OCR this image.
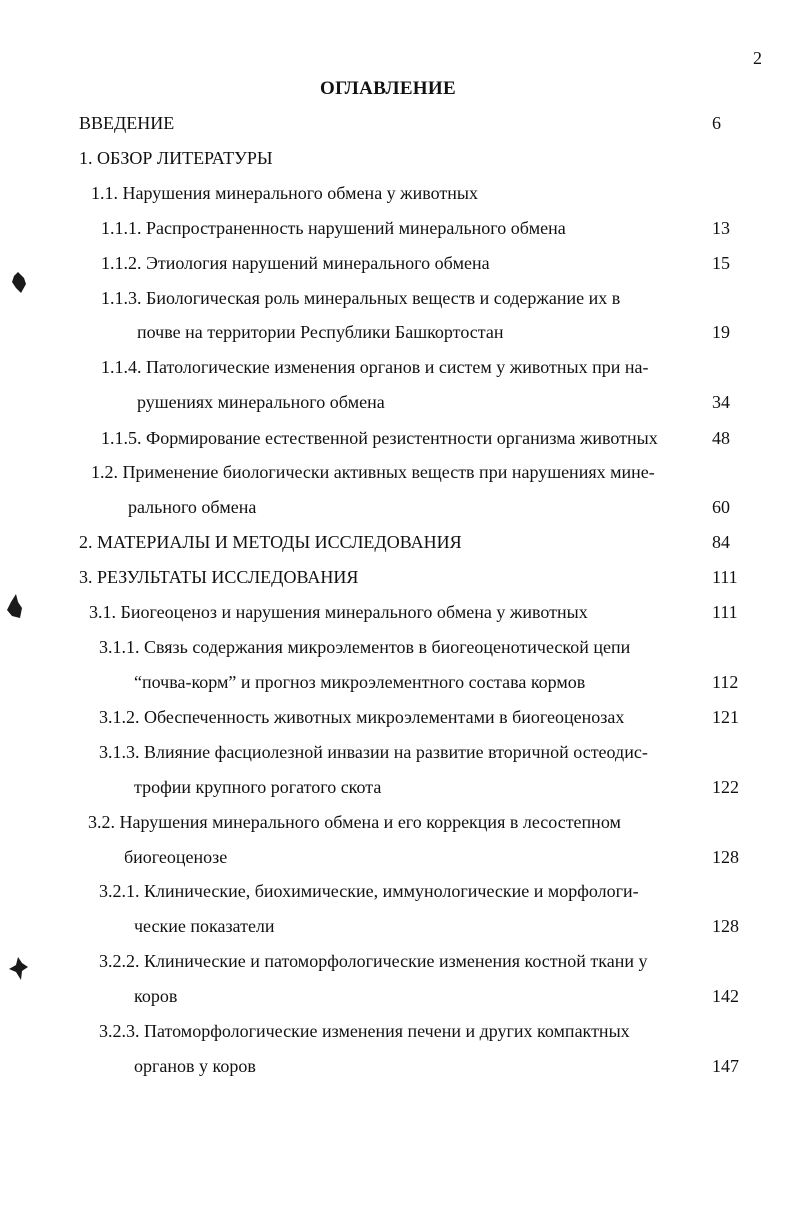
2
ОГЛАВЛЕНИЕ
ВВЕДЕНИЕ	6
1. ОБЗОР ЛИТЕРАТУРЫ
1.1. Нарушения минерального обмена у животных
1.1.1. Распространенность нарушений минерального обмена	13
1.1.2. Этиология нарушений минерального обмена	15
1.1.3. Биологическая роль минеральных веществ и содержание их в
почве на территории Республики Башкортостан	19
1.1.4. Патологические изменения органов и систем у животных при на-
рушениях минерального обмена	34
1.1.5. Формирование естественной резистентности организма животных	48
1.2. Применение биологически активных веществ при нарушениях мине-
рального обмена	60
2. МАТЕРИАЛЫ И МЕТОДЫ ИССЛЕДОВАНИЯ	84
3. РЕЗУЛЬТАТЫ ИССЛЕДОВАНИЯ	111
3.1. Биогеоценоз и нарушения минерального обмена у животных	111
3.1.1. Связь содержания микроэлементов в биогеоценотической цепи
“почва-корм” и прогноз микроэлементного состава кормов	112
3.1.2. Обеспеченность животных микроэлементами в биогеоценозах	121
3.1.3. Влияние фасциолезной инвазии на развитие вторичной остеодис-
трофии крупного рогатого скота	122
3.2. Нарушения минерального обмена и его коррекция в лесостепном
биогеоценозе	128
3.2.1. Клинические, биохимические, иммунологические и морфологи-
ческие показатели	128
3.2.2. Клинические и патоморфологические изменения костной ткани у
коров	142
3.2.3. Патоморфологические изменения печени и других компактных
органов у коров	147
